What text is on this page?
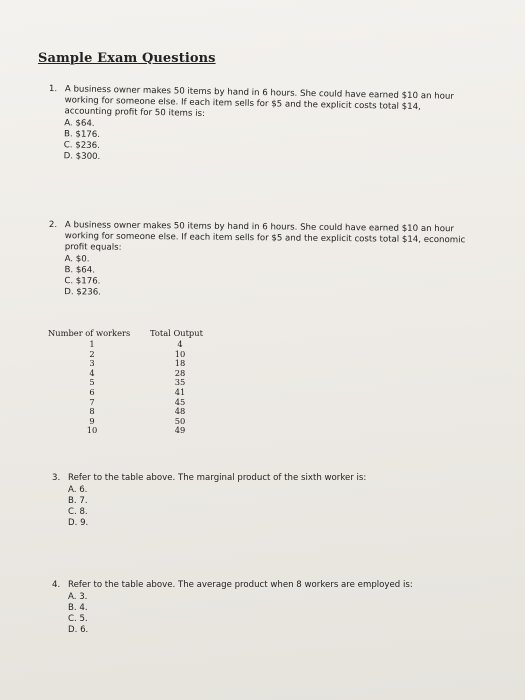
Sample Exam Questions
1. A business owner makes 50 items by hand in 6 hours. She could have earned $10 an hour working for someone else. If each item sells for $5 and the explicit costs total $14, accounting profit for 50 items is:
A. $64.
B. $176.
C. $236.
D. $300.
2. A business owner makes 50 items by hand in 6 hours. She could have earned $10 an hour working for someone else. If each item sells for $5 and the explicit costs total $14, economic profit equals:
A. $0.
B. $64.
C. $176.
D. $236.
Number of workers Total Output
1
2
3
4
5
6
7
8
9
10
4
10
18
28
35
41
45
48
50
49
3. Refer to the table above. The marginal product of the sixth worker is:
A. 6.
B. 7.
C. 8.
D. 9.
4. Refer to the table above. The average product when 8 workers are employed is:
A. 3.
B. 4.
C. 5.
D. 6.
